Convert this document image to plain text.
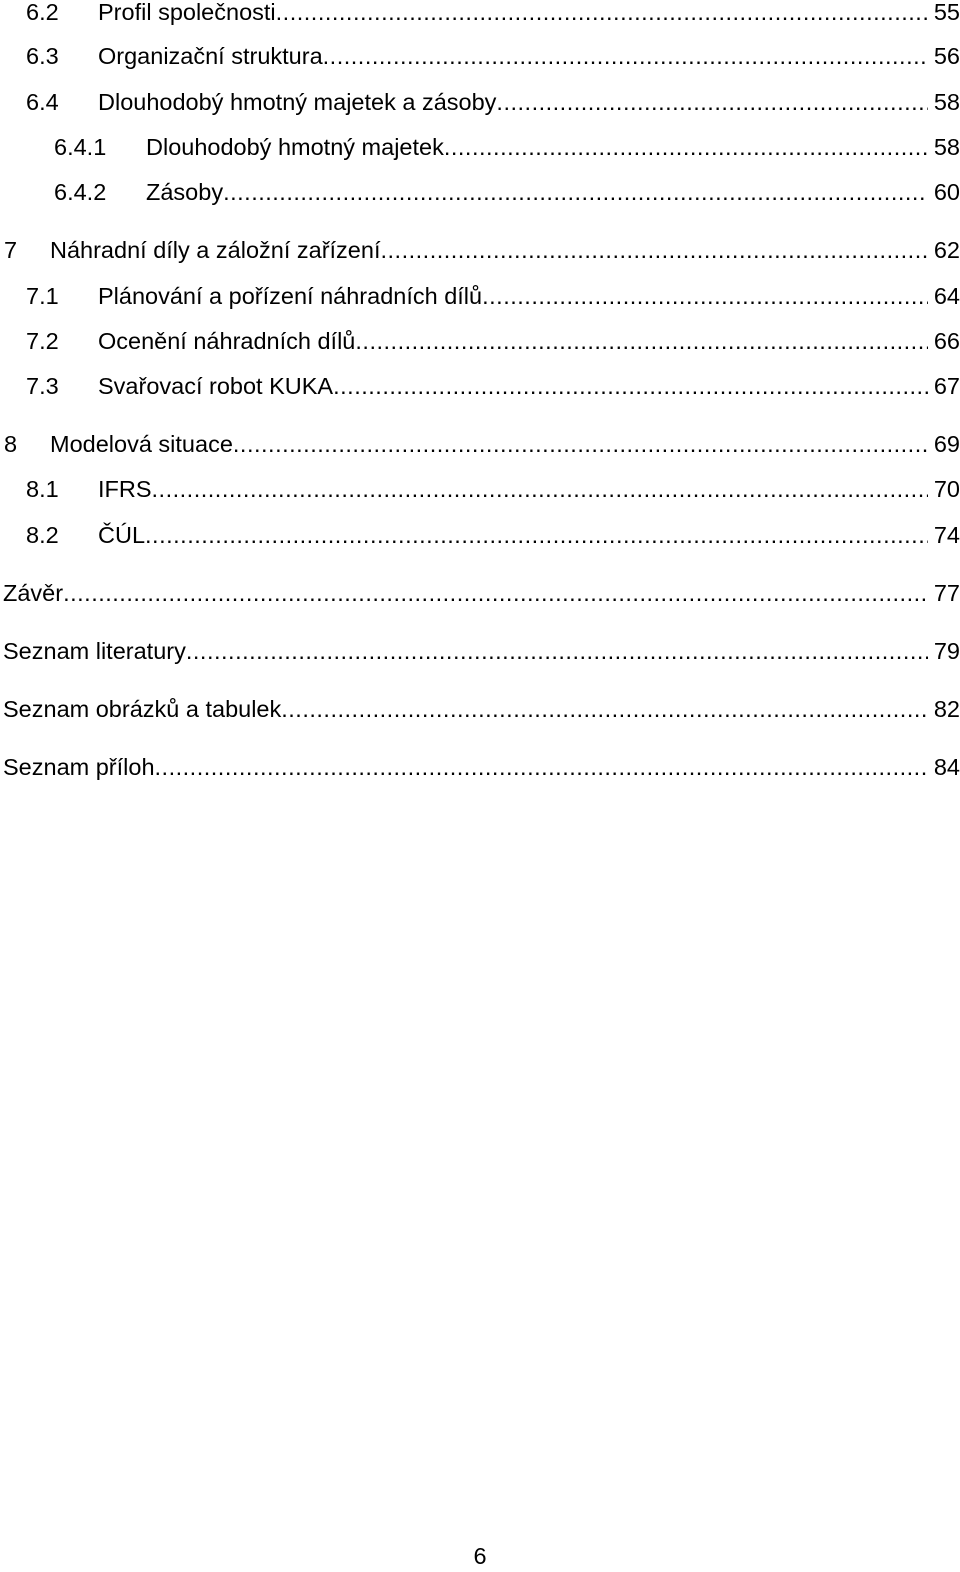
6.2 Profil společnosti .....	55
6.3 Organizační struktura .....	56
6.4 Dlouhodobý hmotný majetek a zásoby .....	58
6.4.1 Dlouhodobý hmotný majetek .....	58
6.4.2 Zásoby .....	60
7 Náhradní díly a záložní zařízení .....	62
7.1 Plánování a pořízení náhradních dílů .....	64
7.2 Ocenění náhradních dílů .....	66
7.3 Svařovací robot KUKA .....	67
8 Modelová situace .....	69
8.1 IFRS .....	70
8.2 ČÚL .....	74
Závěr .....	77
Seznam literatury .....	79
Seznam obrázků a tabulek .....	82
Seznam příloh .....	84
6
